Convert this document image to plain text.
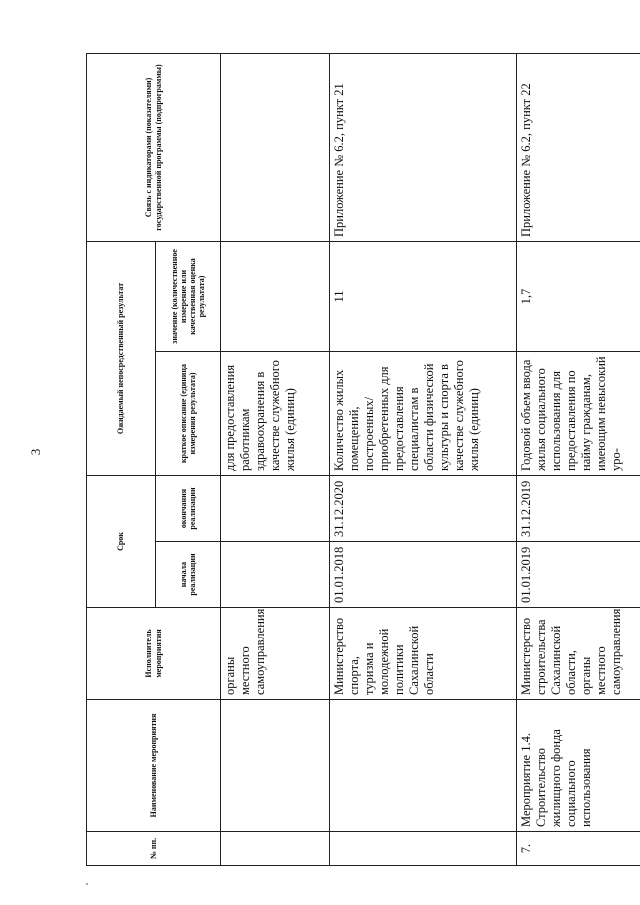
3
№ пп.	Наименование мероприятия	Исполнитель мероприятия	Срок		Ожидаемый непосредственный результат		Связь с индикаторами (показателями) государственной программы (подпрограммы)
			начала реализации	окончания реализации	краткое описание (единица измерения результата)	значение (количественное измерение или качественная оценка результата)	
		органы местного самоуправления			для предоставления работникам здравоохранения в качестве служебного жилья (единиц)		
		Министерство спорта, туризма и молодежной политики Сахалинской области	01.01.2018	31.12.2020	Количество жилых помещений, построенных/приобретенных для предоставления специалистам в области физической культуры и спорта в качестве служебного жилья (единиц)	11	Приложение № 6.2, пункт 21
7.	Мероприятие 1.4. Строительство жилищного фонда социального использования	Министерство строительства Сахалинской области, органы местного самоуправления	01.01.2019	31.12.2019	Годовой объем ввода жилья социального использования для предоставления по найму гражданам, имеющим невысокий уро-	1,7	Приложение № 6.2, пункт 22
